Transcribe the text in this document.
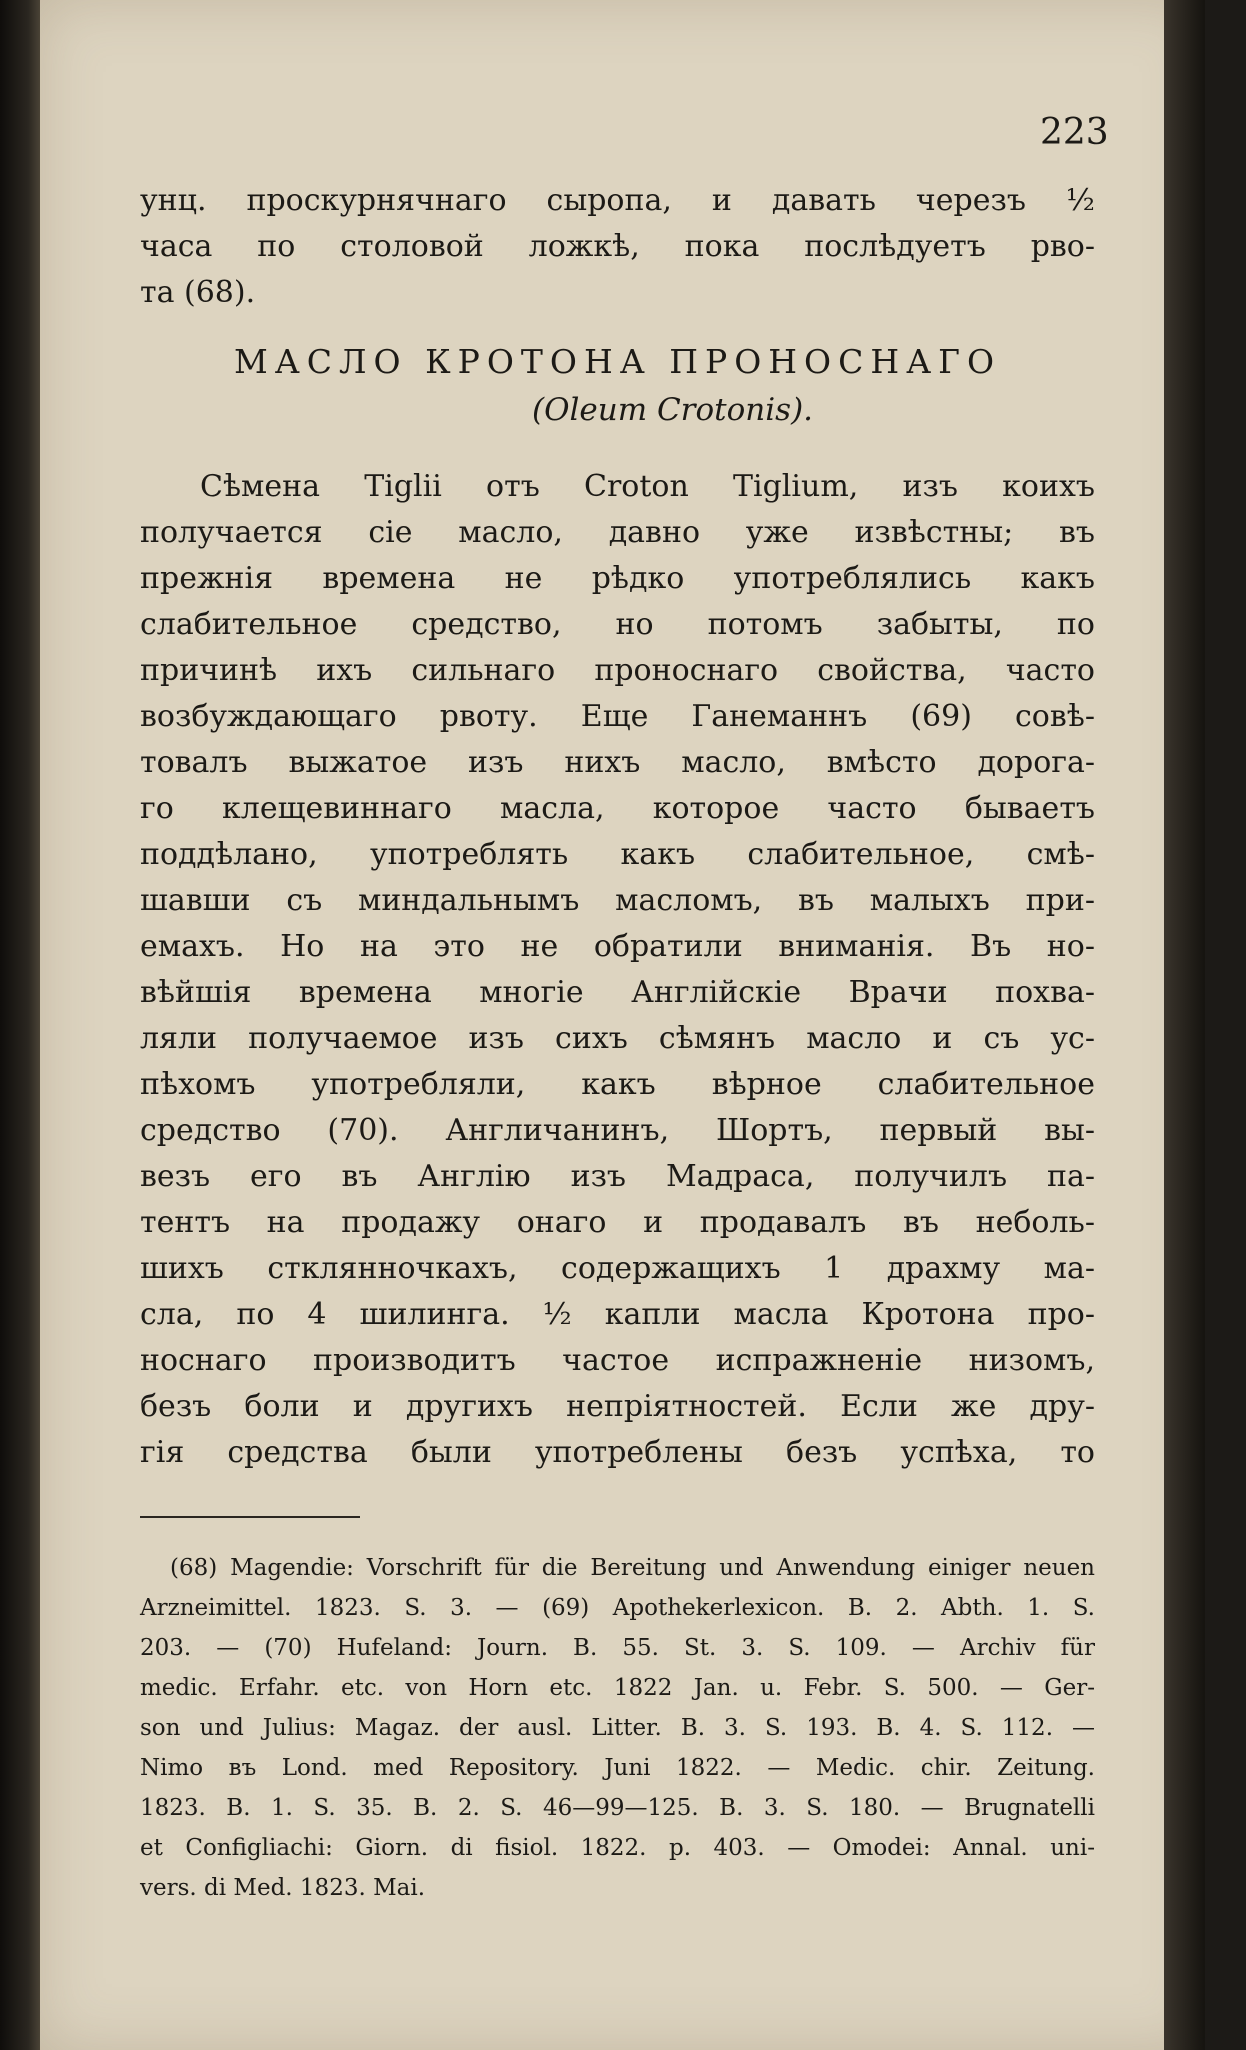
223
унц. проскурнячнаго сыропа, и давать черезъ ½
часа по столовой ложкѣ, пока послѣдуетъ рво-
та (68).
МАСЛО КРОТОНА ПРОНОСНАГО
(Oleum Crotonis).
Сѣмена Tiglii отъ Croton Tiglium, изъ коихъ
получается сіе масло, давно уже извѣстны; въ
прежнія времена не рѣдко употреблялись какъ
слабительное средство, но потомъ забыты, по
причинѣ ихъ сильнаго проноснаго свойства, часто
возбуждающаго рвоту. Еще Ганеманнъ (69) совѣ-
товалъ выжатое изъ нихъ масло, вмѣсто дорога-
го клещевиннаго масла, которое часто бываетъ
поддѣлано, употреблять какъ слабительное, смѣ-
шавши съ миндальнымъ масломъ, въ малыхъ при-
емахъ. Но на это не обратили вниманія. Въ но-
вѣйшія времена многіе Англійскіе Врачи похва-
ляли получаемое изъ сихъ сѣмянъ масло и съ ус-
пѣхомъ употребляли, какъ вѣрное слабительное
средство (70). Англичанинъ, Шортъ, первый вы-
везъ его въ Англію изъ Мадраса, получилъ па-
тентъ на продажу онаго и продавалъ въ неболь-
шихъ стклянночкахъ, содержащихъ 1 драхму ма-
сла, по 4 шилинга. ½ капли масла Кротона про-
носнаго производитъ частое испражненіе низомъ,
безъ боли и другихъ непріятностей. Если же дру-
гія средства были употреблены безъ успѣха, то
(68) Magendie: Vorschrift für die Bereitung und Anwendung einiger neuen
Arzneimittel. 1823. S. 3. — (69) Apothekerlexicon. B. 2. Abth. 1. S.
203. — (70) Hufeland: Journ. B. 55. St. 3. S. 109. — Archiv für
medic. Erfahr. etc. von Horn etc. 1822 Jan. u. Febr. S. 500. — Ger-
son und Julius: Magaz. der ausl. Litter. B. 3. S. 193. B. 4. S. 112. —
Nimo въ Lond. med Repository. Juni 1822. — Medic. chir. Zeitung.
1823. B. 1. S. 35. B. 2. S. 46—99—125. B. 3. S. 180. — Brugnatelli
et Configliachi: Giorn. di fisiol. 1822. p. 403. — Omodei: Annal. uni-
vers. di Med. 1823. Mai.
